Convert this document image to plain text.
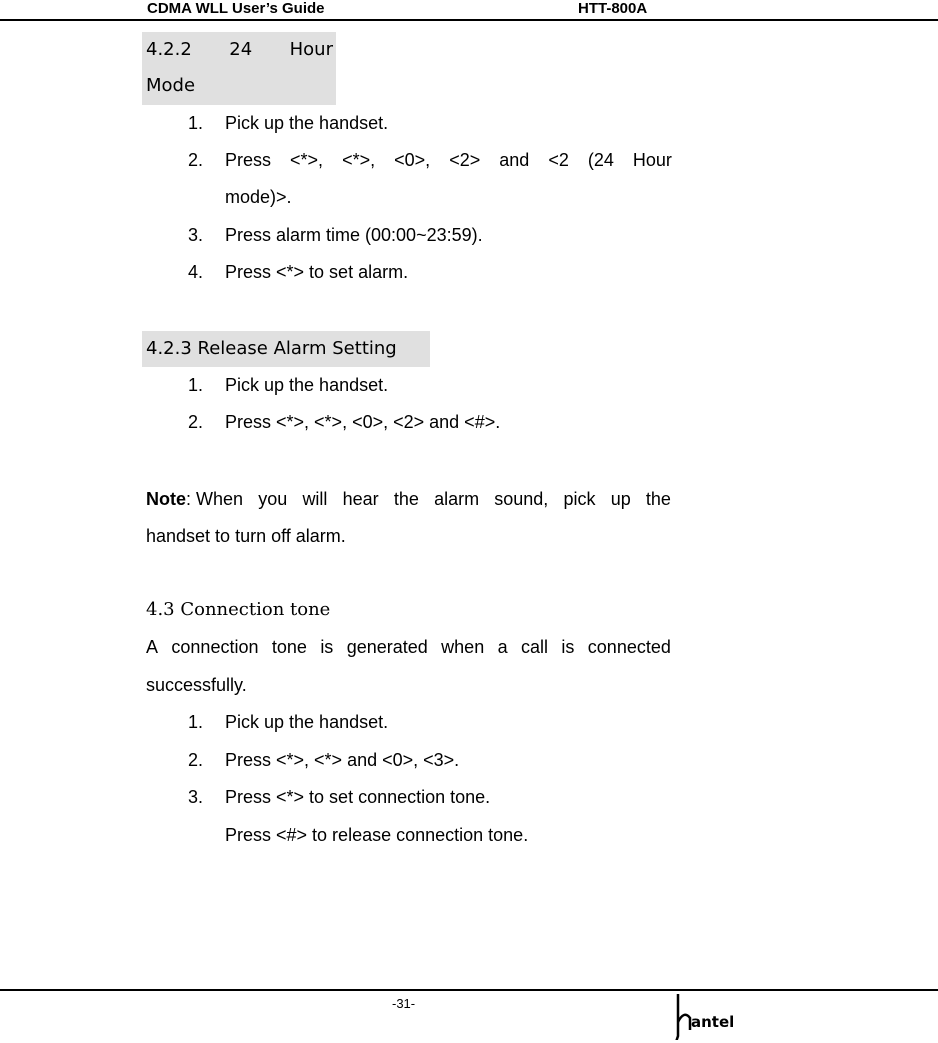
CDMA WLL User’s Guide	HTT-800A
4.2.2 24 Hour
Mode
1. Pick up the handset.
2. Press <*>, <*>, <0>, <2> and <2 (24 Hour
mode)>.
3. Press alarm time (00:00~23:59).
4. Press <*> to set alarm.
4.2.3 Release Alarm Setting
1. Pick up the handset.
2. Press <*>, <*>, <0>, <2> and <#>.
Note: When you will hear the alarm sound, pick up the
handset to turn off alarm.
4.3 Connection tone
A connection tone is generated when a call is connected
successfully.
1. Pick up the handset.
2. Press <*>, <*> and <0>, <3>.
3. Press <*> to set connection tone.
Press <#> to release connection tone.
-31-
antel
